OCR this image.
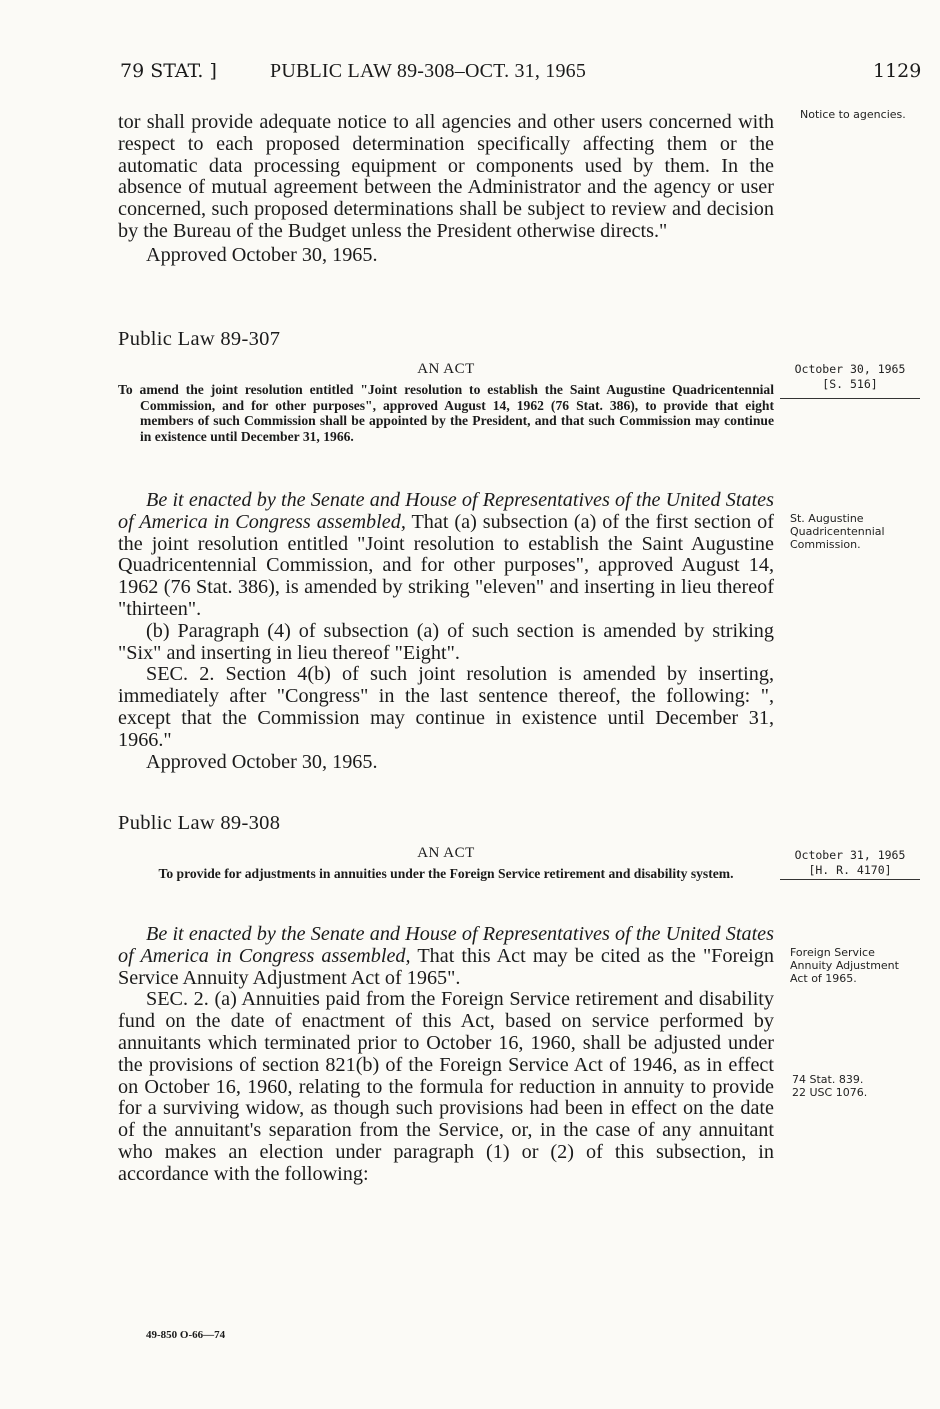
79 STAT. ]	PUBLIC LAW 89-308–OCT. 31, 1965	1129

tor shall provide adequate notice to all agencies and other users concerned with respect to each proposed determination specifically affecting them or the automatic data processing equipment or components used by them. In the absence of mutual agreement between the Administrator and the agency or user concerned, such proposed determinations shall be subject to review and decision by the Bureau of the Budget unless the President otherwise directs."

Approved October 30, 1965.

Notice to agencies.
Public Law 89-307
AN ACT

To amend the joint resolution entitled "Joint resolution to establish the Saint Augustine Quadricentennial Commission, and for other purposes", approved August 14, 1962 (76 Stat. 386), to provide that eight members of such Commission shall be appointed by the President, and that such Commission may continue in existence until December 31, 1966.

October 30, 1965
[S. 516]

Be it enacted by the Senate and House of Representatives of the United States of America in Congress assembled, That (a) subsection (a) of the first section of the joint resolution entitled "Joint resolution to establish the Saint Augustine Quadricentennial Commission, and for other purposes", approved August 14, 1962 (76 Stat. 386), is amended by striking "eleven" and inserting in lieu thereof "thirteen".

(b) Paragraph (4) of subsection (a) of such section is amended by striking "Six" and inserting in lieu thereof "Eight".

SEC. 2. Section 4(b) of such joint resolution is amended by inserting, immediately after "Congress" in the last sentence thereof, the following: ", except that the Commission may continue in existence until December 31, 1966."

Approved October 30, 1965.

St. Augustine Quadricentennial Commission.
Public Law 89-308
AN ACT

To provide for adjustments in annuities under the Foreign Service retirement and disability system.

October 31, 1965
[H. R. 4170]

Be it enacted by the Senate and House of Representatives of the United States of America in Congress assembled, That this Act may be cited as the "Foreign Service Annuity Adjustment Act of 1965".

SEC. 2. (a) Annuities paid from the Foreign Service retirement and disability fund on the date of enactment of this Act, based on service performed by annuitants which terminated prior to October 16, 1960, shall be adjusted under the provisions of section 821(b) of the Foreign Service Act of 1946, as in effect on October 16, 1960, relating to the formula for reduction in annuity to provide for a surviving widow, as though such provisions had been in effect on the date of the annuitant's separation from the Service, or, in the case of any annuitant who makes an election under paragraph (1) or (2) of this subsection, in accordance with the following:

Foreign Service Annuity Adjustment Act of 1965.
74 Stat. 839.
22 USC 1076.
49-850 O-66—74
